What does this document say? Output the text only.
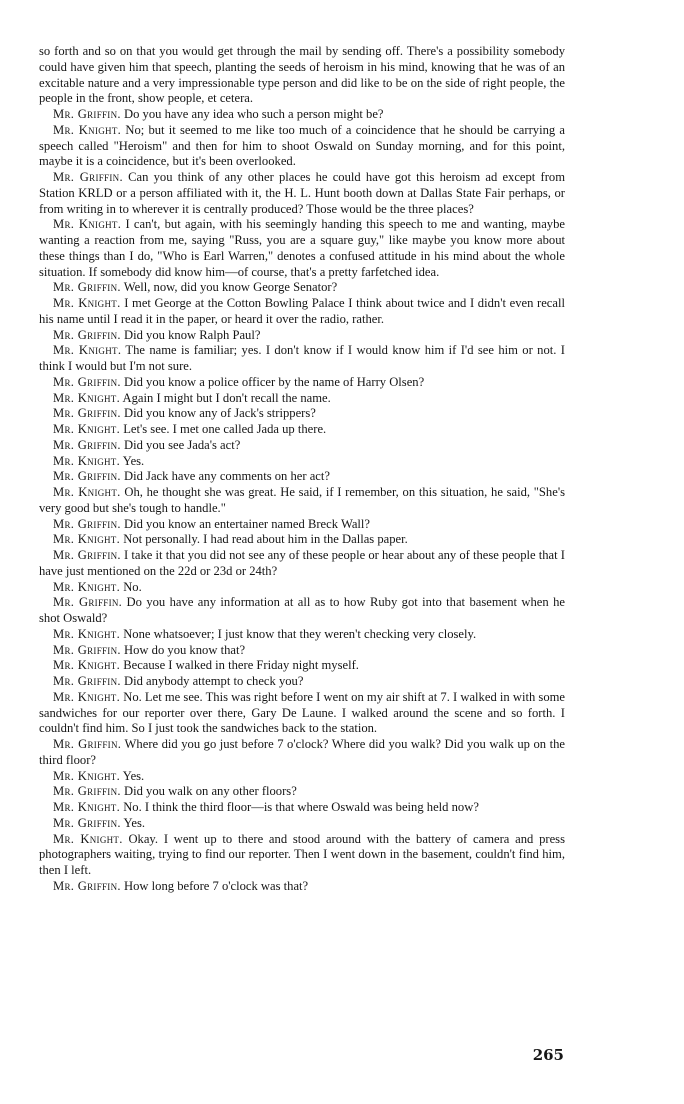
so forth and so on that you would get through the mail by sending off. There's a possibility somebody could have given him that speech, planting the seeds of heroism in his mind, knowing that he was of an excitable nature and a very impressionable type person and did like to be on the side of right people, the people in the front, show people, et cetera.

Mr. Griffin. Do you have any idea who such a person might be?

Mr. Knight. No; but it seemed to me like too much of a coincidence that he should be carrying a speech called "Heroism" and then for him to shoot Oswald on Sunday morning, and for this point, maybe it is a coincidence, but it's been overlooked.

Mr. Griffin. Can you think of any other places he could have got this heroism ad except from Station KRLD or a person affiliated with it, the H. L. Hunt booth down at Dallas State Fair perhaps, or from writing in to wherever it is centrally produced? Those would be the three places?

Mr. Knight. I can't, but again, with his seemingly handing this speech to me and wanting, maybe wanting a reaction from me, saying "Russ, you are a square guy," like maybe you know more about these things than I do, "Who is Earl Warren," denotes a confused attitude in his mind about the whole situation. If somebody did know him—of course, that's a pretty farfetched idea.

Mr. Griffin. Well, now, did you know George Senator?

Mr. Knight. I met George at the Cotton Bowling Palace I think about twice and I didn't even recall his name until I read it in the paper, or heard it over the radio, rather.

Mr. Griffin. Did you know Ralph Paul?

Mr. Knight. The name is familiar; yes. I don't know if I would know him if I'd see him or not. I think I would but I'm not sure.

Mr. Griffin. Did you know a police officer by the name of Harry Olsen?

Mr. Knight. Again I might but I don't recall the name.

Mr. Griffin. Did you know any of Jack's strippers?

Mr. Knight. Let's see. I met one called Jada up there.

Mr. Griffin. Did you see Jada's act?

Mr. Knight. Yes.

Mr. Griffin. Did Jack have any comments on her act?

Mr. Knight. Oh, he thought she was great. He said, if I remember, on this situation, he said, "She's very good but she's tough to handle."

Mr. Griffin. Did you know an entertainer named Breck Wall?

Mr. Knight. Not personally. I had read about him in the Dallas paper.

Mr. Griffin. I take it that you did not see any of these people or hear about any of these people that I have just mentioned on the 22d or 23d or 24th?

Mr. Knight. No.

Mr. Griffin. Do you have any information at all as to how Ruby got into that basement when he shot Oswald?

Mr. Knight. None whatsoever; I just know that they weren't checking very closely.

Mr. Griffin. How do you know that?

Mr. Knight. Because I walked in there Friday night myself.

Mr. Griffin. Did anybody attempt to check you?

Mr. Knight. No. Let me see. This was right before I went on my air shift at 7. I walked in with some sandwiches for our reporter over there, Gary De Laune. I walked around the scene and so forth. I couldn't find him. So I just took the sandwiches back to the station.

Mr. Griffin. Where did you go just before 7 o'clock? Where did you walk? Did you walk up on the third floor?

Mr. Knight. Yes.

Mr. Griffin. Did you walk on any other floors?

Mr. Knight. No. I think the third floor—is that where Oswald was being held now?

Mr. Griffin. Yes.

Mr. Knight. Okay. I went up to there and stood around with the battery of camera and press photographers waiting, trying to find our reporter. Then I went down in the basement, couldn't find him, then I left.

Mr. Griffin. How long before 7 o'clock was that?

265
